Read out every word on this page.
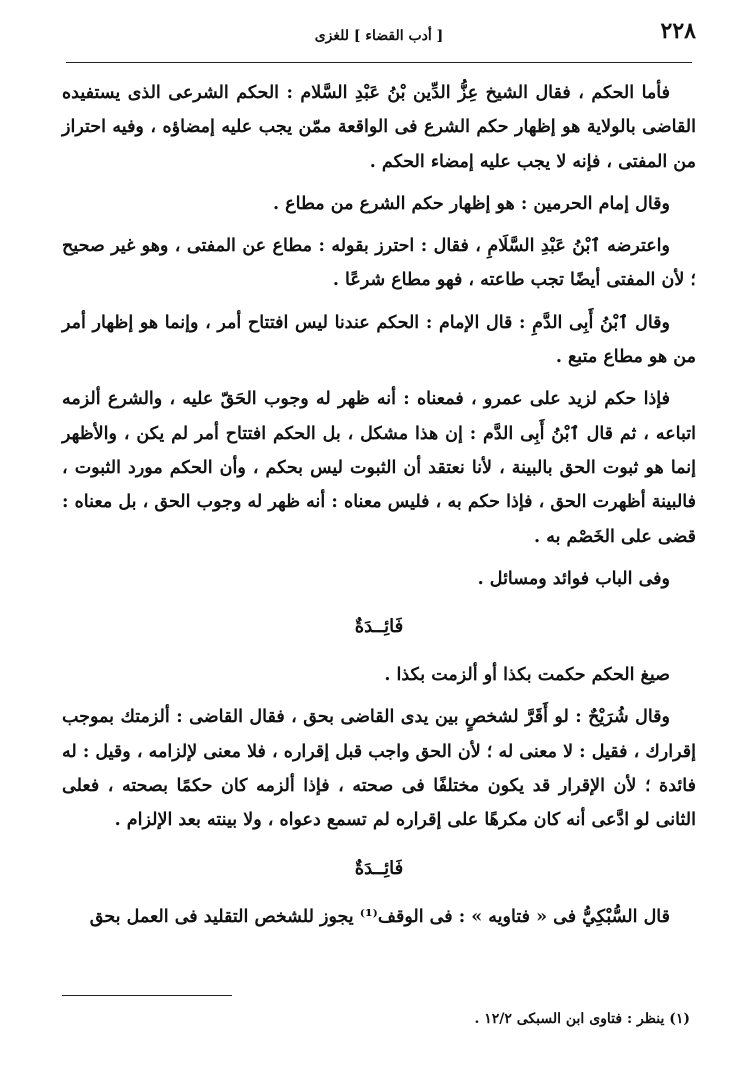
٢٢٨
[ أدب القضاء ] للغزى

فأما الحكم ، فقال الشيخ عِزُّ الدِّين بْنُ عَبْدِ السَّلام : الحكم الشرعى الذى يستفيده القاضى بالولاية هو إظهار حكم الشرع فى الواقعة ممّن يجب عليه إمضاؤه ، وفيه احتراز من المفتى ، فإنه لا يجب عليه إمضاء الحكم .

وقال إمام الحرمين : هو إظهار حكم الشرع من مطاع .

واعترضه ٱبْنُ عَبْدِ السَّلَامِ ، فقال : احترز بقوله : مطاع عن المفتى ، وهو غير صحيح ؛ لأن المفتى أيضًا تجب طاعته ، فهو مطاع شرعًا .

وقال ٱبْنُ أَبِى الدَّمِ : قال الإمام : الحكم عندنا ليس افتتاح أمر ، وإنما هو إظهار أمر من هو مطاع متبع .

فإذا حكم لزيد على عمرو ، فمعناه : أنه ظهر له وجوب الحَقّ عليه ، والشرع ألزمه اتباعه ، ثم قال ٱبْنُ أَبِى الدَّم : إن هذا مشكل ، بل الحكم افتتاح أمر لم يكن ، والأظهر إنما هو ثبوت الحق بالبينة ، لأنا نعتقد أن الثبوت ليس بحكم ، وأن الحكم مورد الثبوت ، فالبينة أظهرت الحق ، فإذا حكم به ، فليس معناه : أنه ظهر له وجوب الحق ، بل معناه : قضى على الخَصْم به .

وفى الباب فوائد ومسائل .

فَائِــدَةٌ

صيغ الحكم حكمت بكذا أو ألزمت بكذا .

وقال شُرَيْحٌ : لو أَقَرَّ لشخصٍ بين يدى القاضى بحق ، فقال القاضى : ألزمتك بموجب إقرارك ، فقيل : لا معنى له ؛ لأن الحق واجب قبل إقراره ، فلا معنى لإلزامه ، وقيل : له فائدة ؛ لأن الإقرار قد يكون مختلفًا فى صحته ، فإذا ألزمه كان حكمًا بصحته ، فعلى الثانى لو ادَّعى أنه كان مكرهًا على إقراره لم تسمع دعواه ، ولا بينته بعد الإلزام .

فَائِــدَةٌ

قال السُّبْكِيُّ فى « فتاويه » : فى الوقف⁽¹⁾ يجوز للشخص التقليد فى العمل بحق

(١) ينظر : فتاوى ابن السبكى ١٢/٢ .
